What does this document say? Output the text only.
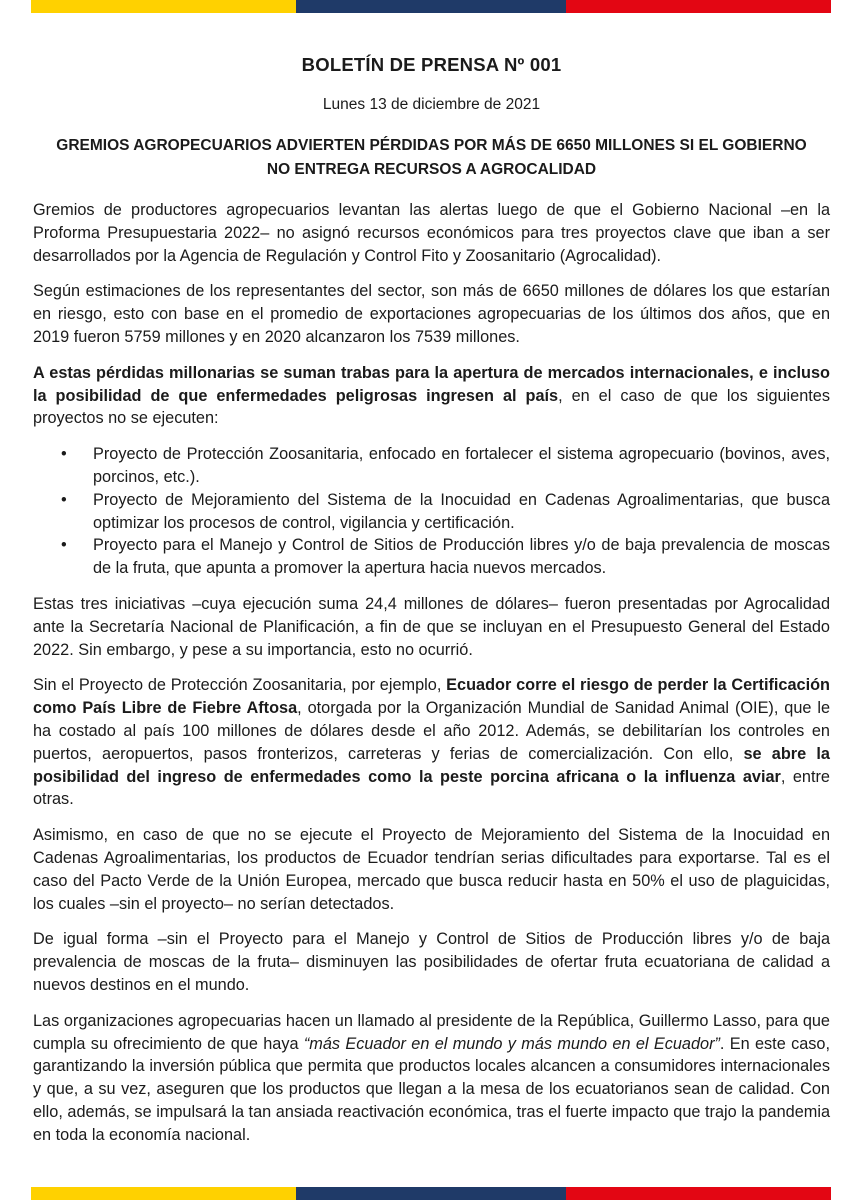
BOLETÍN DE PRENSA Nº 001
Lunes 13 de diciembre de 2021
GREMIOS AGROPECUARIOS ADVIERTEN PÉRDIDAS POR MÁS DE 6650 MILLONES SI EL GOBIERNO
NO ENTREGA RECURSOS A AGROCALIDAD

Gremios de productores agropecuarios levantan las alertas luego de que el Gobierno Nacional –en la Proforma Presupuestaria 2022– no asignó recursos económicos para tres proyectos clave que iban a ser desarrollados por la Agencia de Regulación y Control Fito y Zoosanitario (Agrocalidad).

Según estimaciones de los representantes del sector, son más de 6650 millones de dólares los que estarían en riesgo, esto con base en el promedio de exportaciones agropecuarias de los últimos dos años, que en 2019 fueron 5759 millones y en 2020 alcanzaron los 7539 millones.

A estas pérdidas millonarias se suman trabas para la apertura de mercados internacionales, e incluso la posibilidad de que enfermedades peligrosas ingresen al país, en el caso de que los siguientes proyectos no se ejecuten:

• Proyecto de Protección Zoosanitaria, enfocado en fortalecer el sistema agropecuario (bovinos, aves, porcinos, etc.).
• Proyecto de Mejoramiento del Sistema de la Inocuidad en Cadenas Agroalimentarias, que busca optimizar los procesos de control, vigilancia y certificación.
• Proyecto para el Manejo y Control de Sitios de Producción libres y/o de baja prevalencia de moscas de la fruta, que apunta a promover la apertura hacia nuevos mercados.

Estas tres iniciativas –cuya ejecución suma 24,4 millones de dólares– fueron presentadas por Agrocalidad ante la Secretaría Nacional de Planificación, a fin de que se incluyan en el Presupuesto General del Estado 2022. Sin embargo, y pese a su importancia, esto no ocurrió.

Sin el Proyecto de Protección Zoosanitaria, por ejemplo, Ecuador corre el riesgo de perder la Certificación como País Libre de Fiebre Aftosa, otorgada por la Organización Mundial de Sanidad Animal (OIE), que le ha costado al país 100 millones de dólares desde el año 2012. Además, se debilitarían los controles en puertos, aeropuertos, pasos fronterizos, carreteras y ferias de comercialización. Con ello, se abre la posibilidad del ingreso de enfermedades como la peste porcina africana o la influenza aviar, entre otras.

Asimismo, en caso de que no se ejecute el Proyecto de Mejoramiento del Sistema de la Inocuidad en Cadenas Agroalimentarias, los productos de Ecuador tendrían serias dificultades para exportarse. Tal es el caso del Pacto Verde de la Unión Europea, mercado que busca reducir hasta en 50% el uso de plaguicidas, los cuales –sin el proyecto– no serían detectados.

De igual forma –sin el Proyecto para el Manejo y Control de Sitios de Producción libres y/o de baja prevalencia de moscas de la fruta– disminuyen las posibilidades de ofertar fruta ecuatoriana de calidad a nuevos destinos en el mundo.

Las organizaciones agropecuarias hacen un llamado al presidente de la República, Guillermo Lasso, para que cumpla su ofrecimiento de que haya “más Ecuador en el mundo y más mundo en el Ecuador”. En este caso, garantizando la inversión pública que permita que productos locales alcancen a consumidores internacionales y que, a su vez, aseguren que los productos que llegan a la mesa de los ecuatorianos sean de calidad. Con ello, además, se impulsará la tan ansiada reactivación económica, tras el fuerte impacto que trajo la pandemia en toda la economía nacional.
